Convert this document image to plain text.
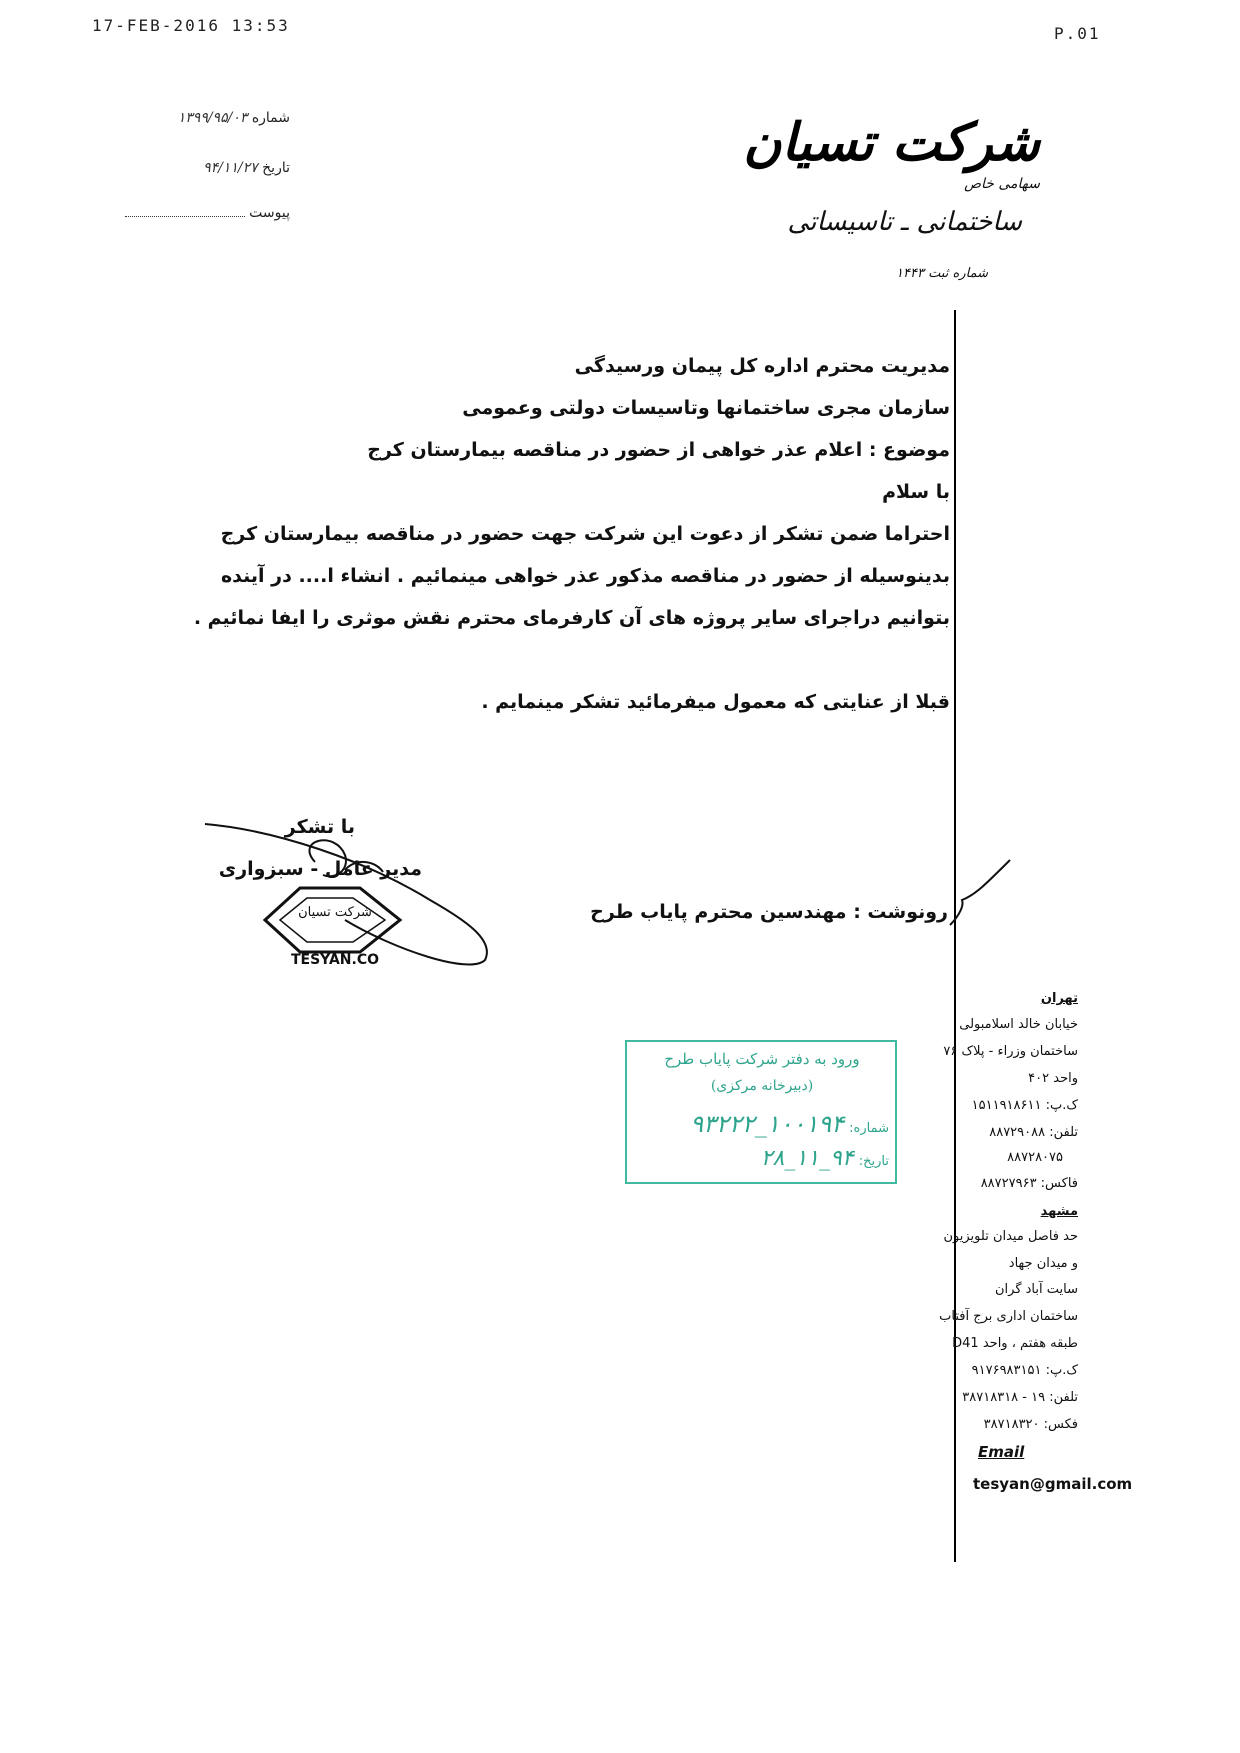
17-FEB-2016 13:53	P.01
شماره ۱۳۹۹/۹۵/۰۳
تاریخ ۹۴/۱۱/۲۷
پیوست
شرکت تسیان سهامی خاص
ساختمانی ـ تاسیساتی
شماره ثبت ۱۴۴۳
مدیریت محترم اداره کل پیمان ورسیدگی
سازمان مجری ساختمانها وتاسیسات دولتی وعمومی
موضوع : اعلام عذر خواهی از حضور در مناقصه بیمارستان کرج
با سلام
احتراما ضمن تشکر از دعوت این شرکت جهت حضور در مناقصه بیمارستان کرج
بدینوسیله از حضور در مناقصه مذکور عذر خواهی مینمائیم . انشاء ا.... در آینده
بتوانیم دراجرای سایر پروژه های آن کارفرمای محترم نقش موثری را ایفا نمائیم .
قبلا از عنایتی که معمول میفرمائید تشکر مینمایم .
با تشکر
مدیر عامل - سبزواری
شرکت تسیان
TESYAN.CO
رونوشت : مهندسین محترم پایاب طرح
تهران
خیابان خالد اسلامبولی
ساختمان وزراء - پلاک ۷۶
واحد ۴۰۲
ک.پ: ۱۵۱۱۹۱۸۶۱۱
تلفن: ۸۸۷۲۹۰۸۸
۸۸۷۲۸۰۷۵
فاکس: ۸۸۷۲۷۹۶۳
مشهد
حد فاصل میدان تلویزیون
و میدان جهاد
سایت آباد گران
ساختمان اداری برج آفتاب
طبقه هفتم ، واحد D41
ک.پ: ۹۱۷۶۹۸۳۱۵۱
تلفن: ۱۹ - ۳۸۷۱۸۳۱۸
فکس: ۳۸۷۱۸۳۲۰
Email
tesyan@gmail.com
ورود به دفتر شرکت پایاب طرح
(دبیرخانه مرکزی)
شماره: ۱۰۰۱۹۴_۹۳۲۲۲
تاریخ: ۹۴_۱۱_۲۸
